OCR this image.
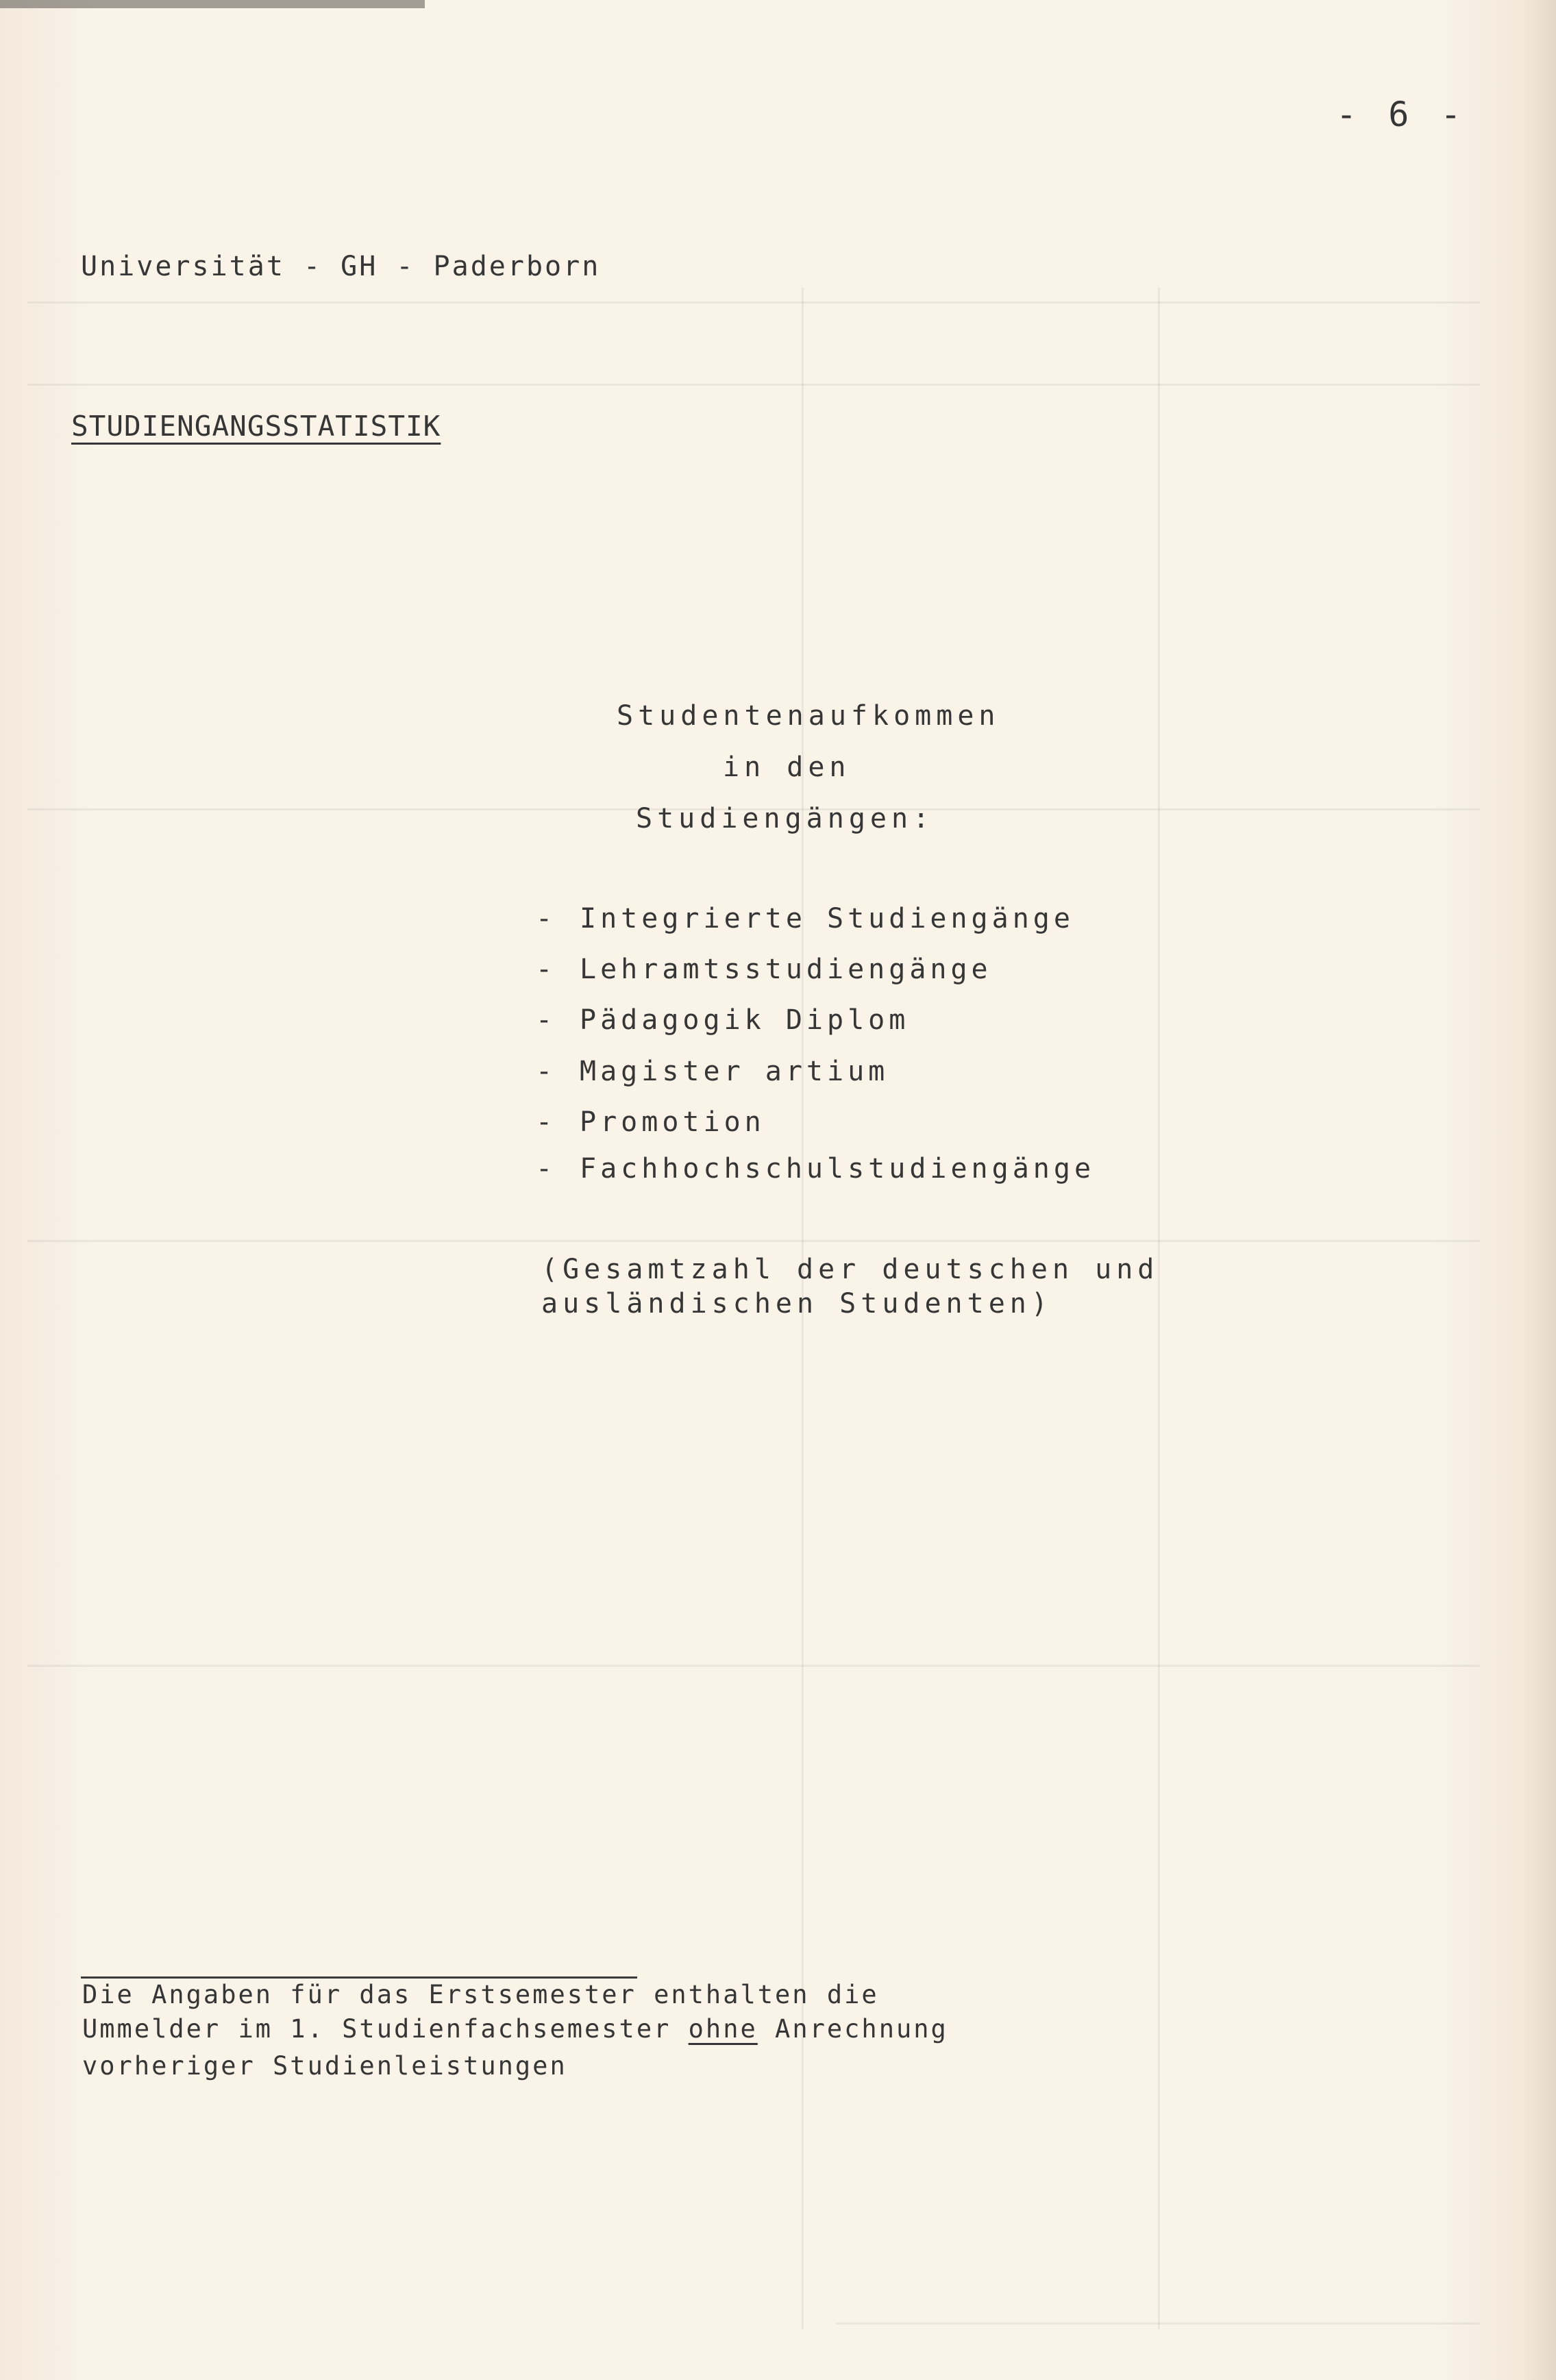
- 6 -
Universität - GH - Paderborn
STUDIENGANGSSTATISTIK
Studentenaufkommen
in den
Studiengängen:
- Integrierte Studiengänge
- Lehramtsstudiengänge
- Pädagogik Diplom
- Magister artium
- Promotion
- Fachhochschulstudiengänge
(Gesamtzahl der deutschen und
ausländischen Studenten)
Die Angaben für das Erstsemester enthalten die
Ummelder im 1. Studienfachsemester ohne Anrechnung
vorheriger Studienleistungen
